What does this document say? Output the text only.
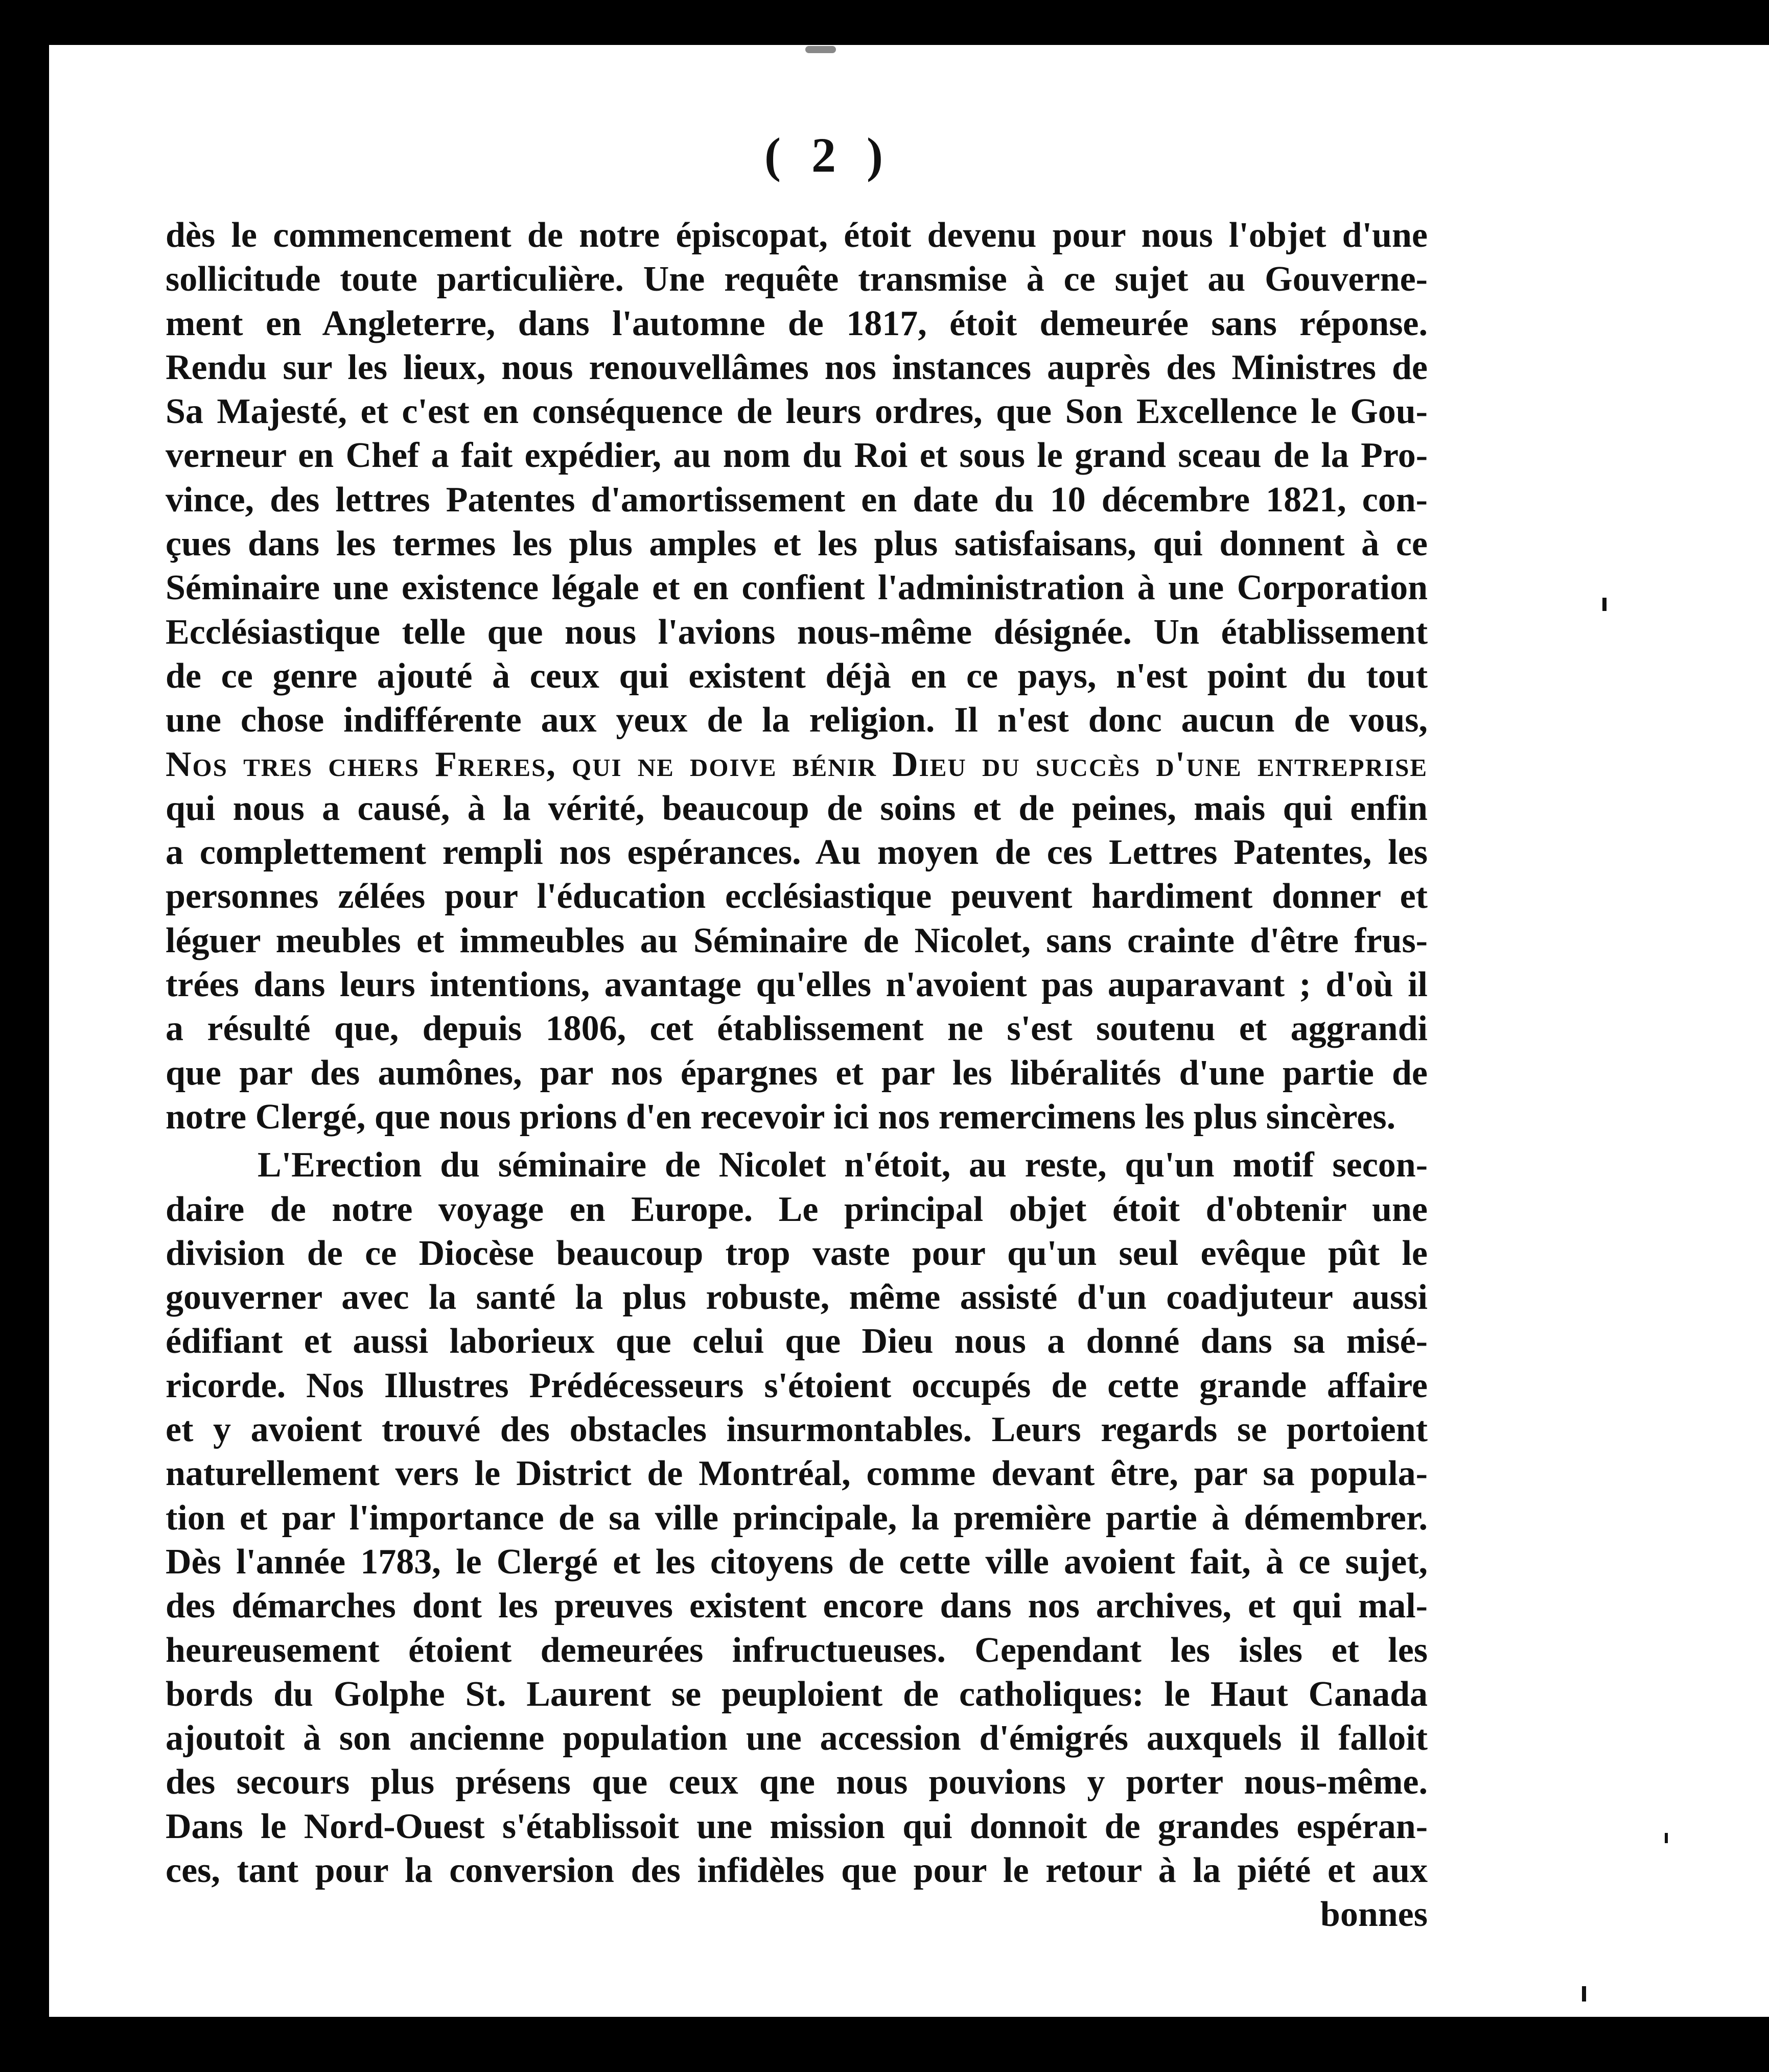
( 2 )

dès le commencement de notre épiscopat, étoit devenu pour nous l'objet d'une
sollicitude toute particulière. Une requête transmise à ce sujet au Gouverne-
ment en Angleterre, dans l'automne de 1817, étoit demeurée sans réponse.
Rendu sur les lieux, nous renouvellâmes nos instances auprès des Ministres de
Sa Majesté, et c'est en conséquence de leurs ordres, que Son Excellence le Gou-
verneur en Chef a fait expédier, au nom du Roi et sous le grand sceau de la Pro-
vince, des lettres Patentes d'amortissement en date du 10 décembre 1821, con-
çues dans les termes les plus amples et les plus satisfaisans, qui donnent à ce
Séminaire une existence légale et en confient l'administration à une Corporation
Ecclésiastique telle que nous l'avions nous-même désignée. Un établissement
de ce genre ajouté à ceux qui existent déjà en ce pays, n'est point du tout
une chose indifférente aux yeux de la religion. Il n'est donc aucun de vous,
Nos tres chers Freres, qui ne doive bénir Dieu du succès d'une entreprise
qui nous a causé, à la vérité, beaucoup de soins et de peines, mais qui enfin
a complettement rempli nos espérances. Au moyen de ces Lettres Patentes, les
personnes zélées pour l'éducation ecclésiastique peuvent hardiment donner et
léguer meubles et immeubles au Séminaire de Nicolet, sans crainte d'être frus-
trées dans leurs intentions, avantage qu'elles n'avoient pas auparavant ; d'où il
a résulté que, depuis 1806, cet établissement ne s'est soutenu et aggrandi
que par des aumônes, par nos épargnes et par les libéralités d'une partie de
notre Clergé, que nous prions d'en recevoir ici nos remercimens les plus sincères.

L'Erection du séminaire de Nicolet n'étoit, au reste, qu'un motif secon-
daire de notre voyage en Europe. Le principal objet étoit d'obtenir une
division de ce Diocèse beaucoup trop vaste pour qu'un seul evêque pût le
gouverner avec la santé la plus robuste, même assisté d'un coadjuteur aussi
édifiant et aussi laborieux que celui que Dieu nous a donné dans sa misé-
ricorde. Nos Illustres Prédécesseurs s'étoient occupés de cette grande affaire
et y avoient trouvé des obstacles insurmontables. Leurs regards se portoient
naturellement vers le District de Montréal, comme devant être, par sa popula-
tion et par l'importance de sa ville principale, la première partie à démembrer.
Dès l'année 1783, le Clergé et les citoyens de cette ville avoient fait, à ce sujet,
des démarches dont les preuves existent encore dans nos archives, et qui mal-
heureusement étoient demeurées infructueuses. Cependant les isles et les
bords du Golphe St. Laurent se peuploient de catholiques: le Haut Canada
ajoutoit à son ancienne population une accession d'émigrés auxquels il falloit
des secours plus présens que ceux qne nous pouvions y porter nous-même.
Dans le Nord-Ouest s'établissoit une mission qui donnoit de grandes espéran-
ces, tant pour la conversion des infidèles que pour le retour à la piété et aux
bonnes
